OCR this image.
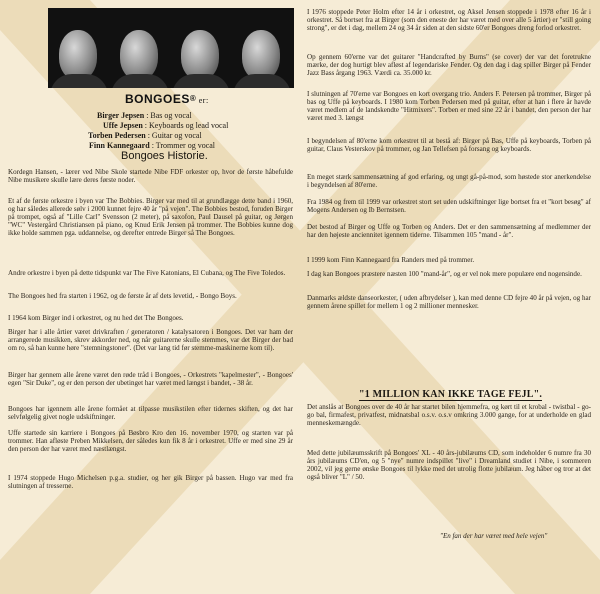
BONGOES® er:
Birger Jepsen : Bas og vocal
Uffe Jepsen : Keyboards og lead vocal
Torben Pedersen : Guitar og vocal
Finn Kannegaard : Trommer og vocal
Bongoes Historie.

Kordegn Hansen, - lærer ved Nibe Skole startede Nibe FDF orkester op, hvor de første håbefulde Nibe musikere skulle lære deres første noder.

Et af de første orkestre i byen var The Bobbies. Birger var med til at grundlægge dette band i 1960, og har således allerede sølv i 2000 kunnet fejre 40 år "på vejen". The Bobbies bestod, foruden Birger på trompet, også af "Lille Carl" Svensson (2 meter), på saxofon, Paul Dausel på guitar, og Jørgen "WC" Vestergård Christiansen på piano, og Knud Erik Jensen på trommer. The Bobbies kunne dog ikke holde sammen pga. uddannelse, og derefter entrede Birger så The Bongoes.

Andre orkestre i byen på dette tidspunkt var The Five Katonians, El Cubana, og The Five Toledos.

The Bongoes hed fra starten i 1962, og de første år af dets levetid, - Bongo Boys.

I 1964 kom Birger ind i orkestret, og nu hed det The Bongoes.

Birger har i alle årtier været drivkraften / generatoren / katalysatoren i Bongoes. Det var ham der arrangerede musikken, skrev akkorder ned, og når guitarerne skulle stemmes, var det Birger der bad om ro, så han kunne høre "stemningstoner". (Det var lang tid før stemme-maskinerne kom til).

Birger har gennem alle årene været den røde tråd i Bongoes, - Orkestrets "kapelmester", - Bongoes' egen "Sir Duke", og er den person der ubetinget har været med længst i bandet, - 38 år.

Bongoes har igennem alle årene formået at tilpasse musikstilen efter tidernes skiften, og det har selvfølgelig givet nogle udskiftninger.

Uffe startede sin karriere i Bongoes på Bøsbro Kro den 16. november 1970, og starten var på trommer. Han afløste Preben Mikkelsen, der således kun fik 8 år i orkestret. Uffe er med sine 29 år den person der har været med næstlængst.

I 1974 stoppede Hugo Michelsen p.g.a. studier, og her gik Birger på bassen. Hugo var med fra slutningen af tresserne.

I 1976 stoppede Peter Holm efter 14 år i orkestret, og Aksel Jensen stoppede i 1978 efter 16 år i orkestret. Så bortset fra at Birger (som den eneste der har været med over alle 5 årtier) er "still going strong", er det i dag, mellem 24 og 34 år siden at den sidste 60'er Bongoes dreng forlod orkestret.

Op gennem 60'erne var det guitarer "Handcrafted by Burns" (se cover) der var det foretrukne mærke, der dog hurtigt blev afløst af legendariske Fender. Og den dag i dag spiller Birger på Fender Jazz Bass årgang 1963. Værdi ca. 35.000 kr.

I slutningen af 70'erne var Bongoes en kort overgang trio. Anders F. Petersen på trommer, Birger på bas og Uffe på keyboards. I 1980 kom Torben Pedersen med på guitar, efter at han i flere år havde været medlem af de landskendte "Hitmixers". Torben er med sine 22 år i bandet, den person der har været med 3. længst

I begyndelsen af 80'erne kom orkestret til at bestå af: Birger på Bas, Uffe på keyboards, Torben på guitar, Claus Vesterskov på trommer, og Jan Tellefsen på forsang og keyboards.

En meget stærk sammensætning af god erfaring, og ungt gå-på-mod, som høstede stor anerkendelse i begyndelsen af 80'erne.

Fra 1984 og frem til 1999 var orkestret stort set uden udskiftninger lige bortset fra et "kort besøg" af Mogens Andersen og Ib Bernstsen.

Det bestod af Birger og Uffe og Torben og Anders. Det er den sammensætning af medlemmer der har den højeste anciennitet igennem tiderne. Tilsammen 105 "mand - år".

I 1999 kom Finn Kannegaard fra Randers med på trommer.

I dag kan Bongoes præstere næsten 100 "mand-år", og er vel nok mere populære end nogensinde.

Danmarks ældste danseorkester, ( uden afbrydelser ), kan med denne CD fejre 40 år på vejen, og har gennem årene spillet for mellem 1 og 2 millioner mennesker.

"1 MILLION KAN IKKE TAGE FEJL".

Det anslås at Bongoes over de 40 år har startet bilen hjemmefra, og kørt til et krobal - twistbal - go-go bal, firmafest, privatfest, midnatsbal o.s.v. o.s.v omkring 3.000 gange, for at underholde en glad menneskemængde.

Med dette jubilæumsskrift på Bongoes' XL - 40 års-jubilæums CD, som indeholder 6 numre fra 30 års jubilæums CD'en, og 5 "nye" numre indspillet "live" i Dreamland studiet i Nibe, i sommeren 2002, vil jeg gerne ønske Bongoes til lykke med det utrolig flotte jubilæum. Jeg håber og tror at det også bliver "L" / 50.

"En fan der har været med hele vejen"
